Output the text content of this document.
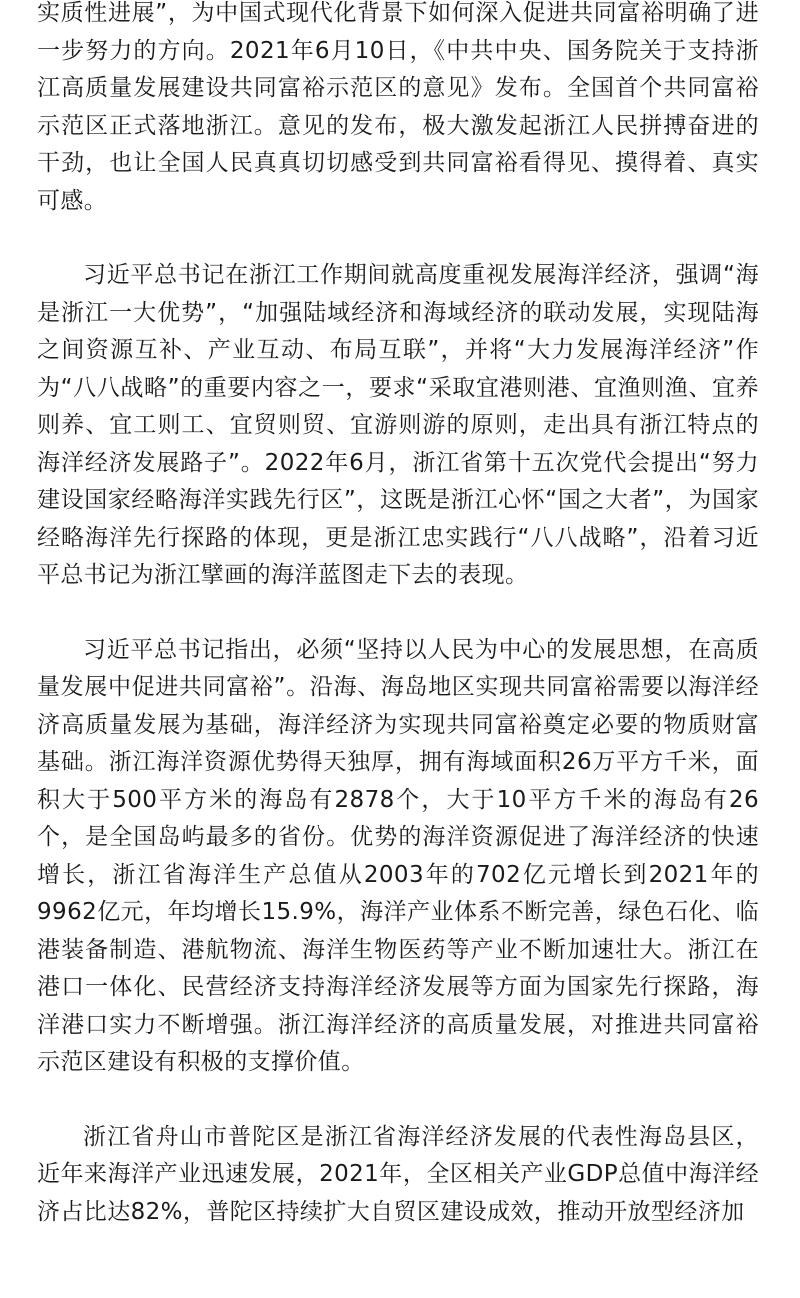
实质性进展”，为中国式现代化背景下如何深入促进共同富裕明确了进一步努力的方向。2021年6月10日，《中共中央、国务院关于支持浙江高质量发展建设共同富裕示范区的意见》发布。全国首个共同富裕示范区正式落地浙江。意见的发布，极大激发起浙江人民拼搏奋进的干劲，也让全国人民真真切切感受到共同富裕看得见、摸得着、真实可感。

习近平总书记在浙江工作期间就高度重视发展海洋经济，强调“海是浙江一大优势”，“加强陆域经济和海域经济的联动发展，实现陆海之间资源互补、产业互动、布局互联”，并将“大力发展海洋经济”作为“八八战略”的重要内容之一，要求“采取宜港则港、宜渔则渔、宜养则养、宜工则工、宜贸则贸、宜游则游的原则，走出具有浙江特点的海洋经济发展路子”。2022年6月，浙江省第十五次党代会提出“努力建设国家经略海洋实践先行区”，这既是浙江心怀“国之大者”，为国家经略海洋先行探路的体现，更是浙江忠实践行“八八战略”，沿着习近平总书记为浙江擘画的海洋蓝图走下去的表现。

习近平总书记指出，必须“坚持以人民为中心的发展思想，在高质量发展中促进共同富裕”。沿海、海岛地区实现共同富裕需要以海洋经济高质量发展为基础，海洋经济为实现共同富裕奠定必要的物质财富基础。浙江海洋资源优势得天独厚，拥有海域面积26万平方千米，面积大于500平方米的海岛有2878个，大于10平方千米的海岛有26个，是全国岛屿最多的省份。优势的海洋资源促进了海洋经济的快速增长，浙江省海洋生产总值从2003年的702亿元增长到2021年的9962亿元，年均增长15.9%，海洋产业体系不断完善，绿色石化、临港装备制造、港航物流、海洋生物医药等产业不断加速壮大。浙江在港口一体化、民营经济支持海洋经济发展等方面为国家先行探路，海洋港口实力不断增强。浙江海洋经济的高质量发展，对推进共同富裕示范区建设有积极的支撑价值。

浙江省舟山市普陀区是浙江省海洋经济发展的代表性海岛县区，近年来海洋产业迅速发展，2021年，全区相关产业GDP总值中海洋经济占比达82%，普陀区持续扩大自贸区建设成效，推动开放型经济加
